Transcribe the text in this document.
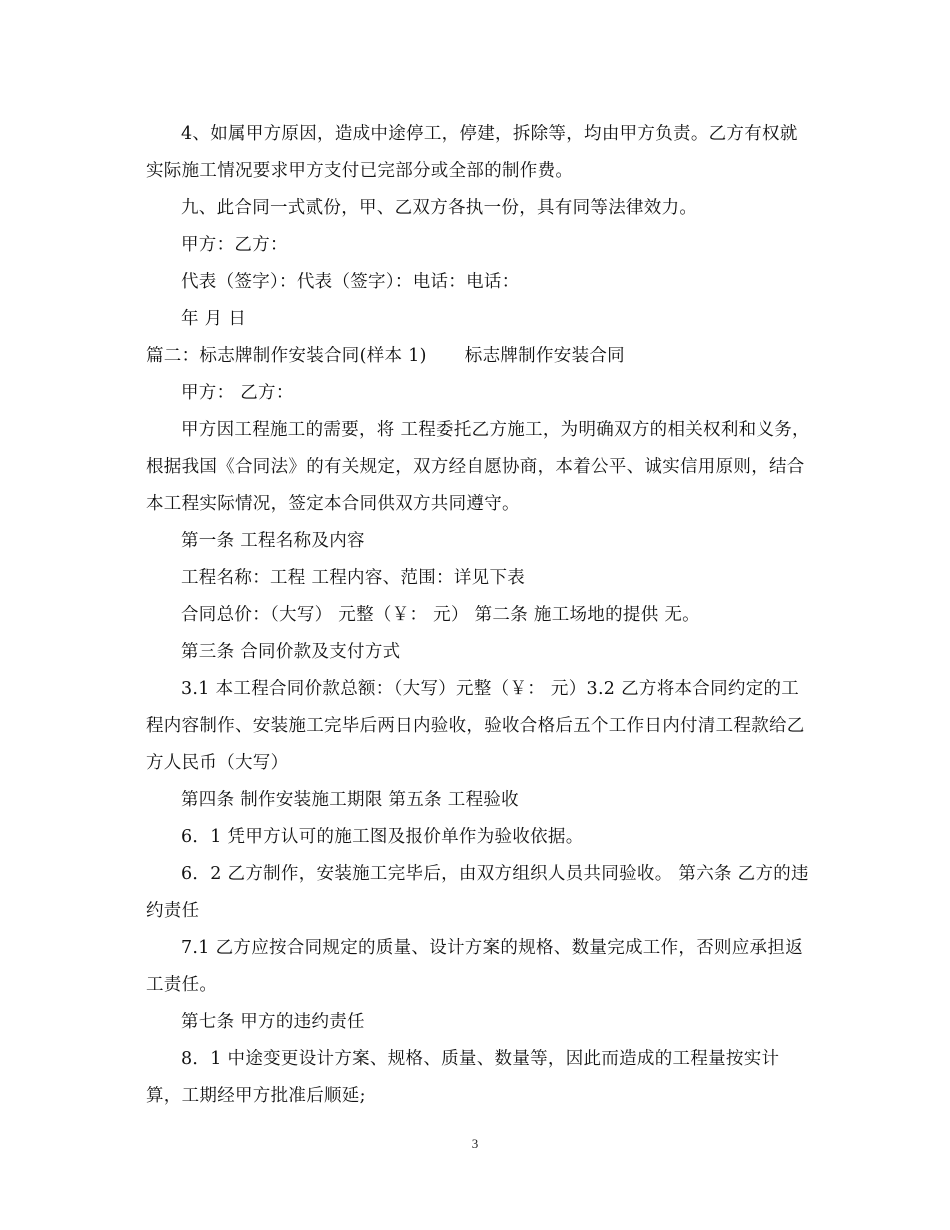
4、如属甲方原因，造成中途停工，停建，拆除等，均由甲方负责。乙方有权就实际施工情况要求甲方支付已完部分或全部的制作费。

九、此合同一式贰份，甲、乙双方各执一份，具有同等法律效力。

甲方：乙方：

代表（签字）：代表（签字）：电话：电话：

年 月 日

篇二：标志牌制作安装合同(样本 1) 标志牌制作安装合同

甲方： 乙方：

甲方因工程施工的需要，将 工程委托乙方施工，为明确双方的相关权利和义务，根据我国《合同法》的有关规定，双方经自愿协商，本着公平、诚实信用原则，结合本工程实际情况，签定本合同供双方共同遵守。

第一条 工程名称及内容

工程名称：工程 工程内容、范围：详见下表

合同总价：（大写） 元整（￥： 元） 第二条 施工场地的提供 无。

第三条 合同价款及支付方式

3.1 本工程合同价款总额：（大写）元整（￥： 元）3.2 乙方将本合同约定的工程内容制作、安装施工完毕后两日内验收，验收合格后五个工作日内付清工程款给乙方人民币（大写）

第四条 制作安装施工期限 第五条 工程验收

6．1 凭甲方认可的施工图及报价单作为验收依据。

6．2 乙方制作，安装施工完毕后，由双方组织人员共同验收。 第六条 乙方的违约责任

7.1 乙方应按合同规定的质量、设计方案的规格、数量完成工作，否则应承担返工责任。

第七条 甲方的违约责任

8．1 中途变更设计方案、规格、质量、数量等，因此而造成的工程量按实计算，工期经甲方批准后顺延;

3
